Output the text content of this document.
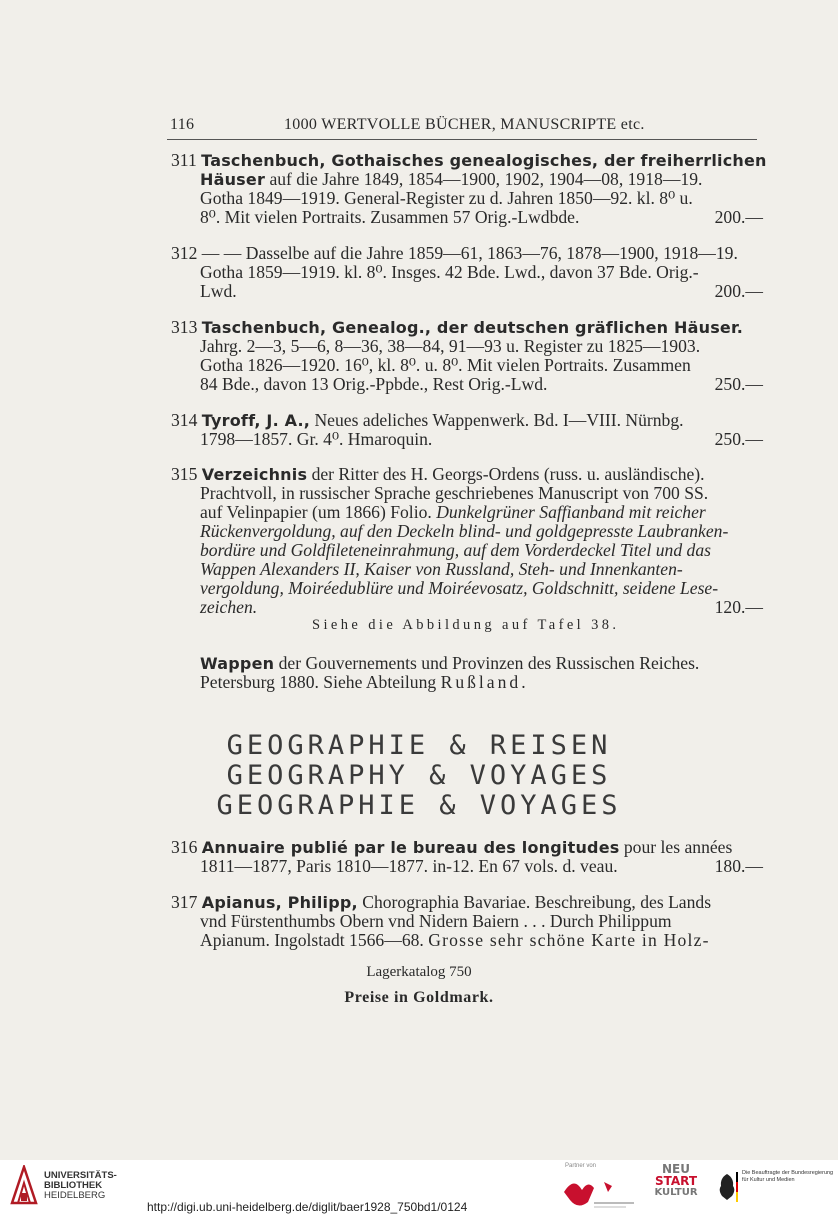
116	1000 WERTVOLLE BÜCHER, MANUSCRIPTE etc.
311 Taschenbuch, Gothaisches genealogisches, der freiherrlichen
Häuser auf die Jahre 1849, 1854—1900, 1902, 1904—08, 1918—19.
Gotha 1849—1919. General-Register zu d. Jahren 1850—92. kl. 8⁰ u.
8⁰. Mit vielen Portraits. Zusammen 57 Orig.-Lwdbde.	200.—
312 — — Dasselbe auf die Jahre 1859—61, 1863—76, 1878—1900, 1918—19.
Gotha 1859—1919. kl. 8⁰. Insges. 42 Bde. Lwd., davon 37 Bde. Orig.-
Lwd.	200.—
313 Taschenbuch, Genealog., der deutschen gräflichen Häuser.
Jahrg. 2—3, 5—6, 8—36, 38—84, 91—93 u. Register zu 1825—1903.
Gotha 1826—1920. 16⁰, kl. 8⁰. u. 8⁰. Mit vielen Portraits. Zusammen
84 Bde., davon 13 Orig.-Ppbde., Rest Orig.-Lwd.	250.—
314 Tyroff, J. A., Neues adeliches Wappenwerk. Bd. I—VIII. Nürnbg.
1798—1857. Gr. 4⁰. Hmaroquin.	250.—
315 Verzeichnis der Ritter des H. Georgs-Ordens (russ. u. ausländische).
Prachtvoll, in russischer Sprache geschriebenes Manuscript von 700 SS.
auf Velinpapier (um 1866) Folio. Dunkelgrüner Saffianband mit reicher
Rückenvergoldung, auf den Deckeln blind- und goldgepresste Laubranken-
bordüre und Goldfileteneinrahmung, auf dem Vorderdeckel Titel und das
Wappen Alexanders II, Kaiser von Russland, Steh- und Innenkanten-
vergoldung, Moiréedublüre und Moiréevosatz, Goldschnitt, seidene Lese-
zeichen.	120.—
Siehe die Abbildung auf Tafel 38.
Wappen der Gouvernements und Provinzen des Russischen Reiches.
Petersburg 1880. Siehe Abteilung Rußland.
GEOGRAPHIE & REISEN
GEOGRAPHY & VOYAGES
GEOGRAPHIE & VOYAGES
316 Annuaire publié par le bureau des longitudes pour les années
1811—1877, Paris 1810—1877. in-12. En 67 vols. d. veau.	180.—
317 Apianus, Philipp, Chorographia Bavariae. Beschreibung, des Lands
vnd Fürstenthumbs Obern vnd Nidern Baiern . . . Durch Philippum
Apianum. Ingolstadt 1566—68. Grosse sehr schöne Karte in Holz-
Lagerkatalog 750
Preise in Goldmark.
UNIVERSITÄTS-
BIBLIOTHEK
HEIDELBERG
http://digi.ub.uni-heidelberg.de/diglit/baer1928_750bd1/0124
Partner von	NEU
START
KULTUR
Die Beauftragte der Bundesregierung
für Kultur und Medien
